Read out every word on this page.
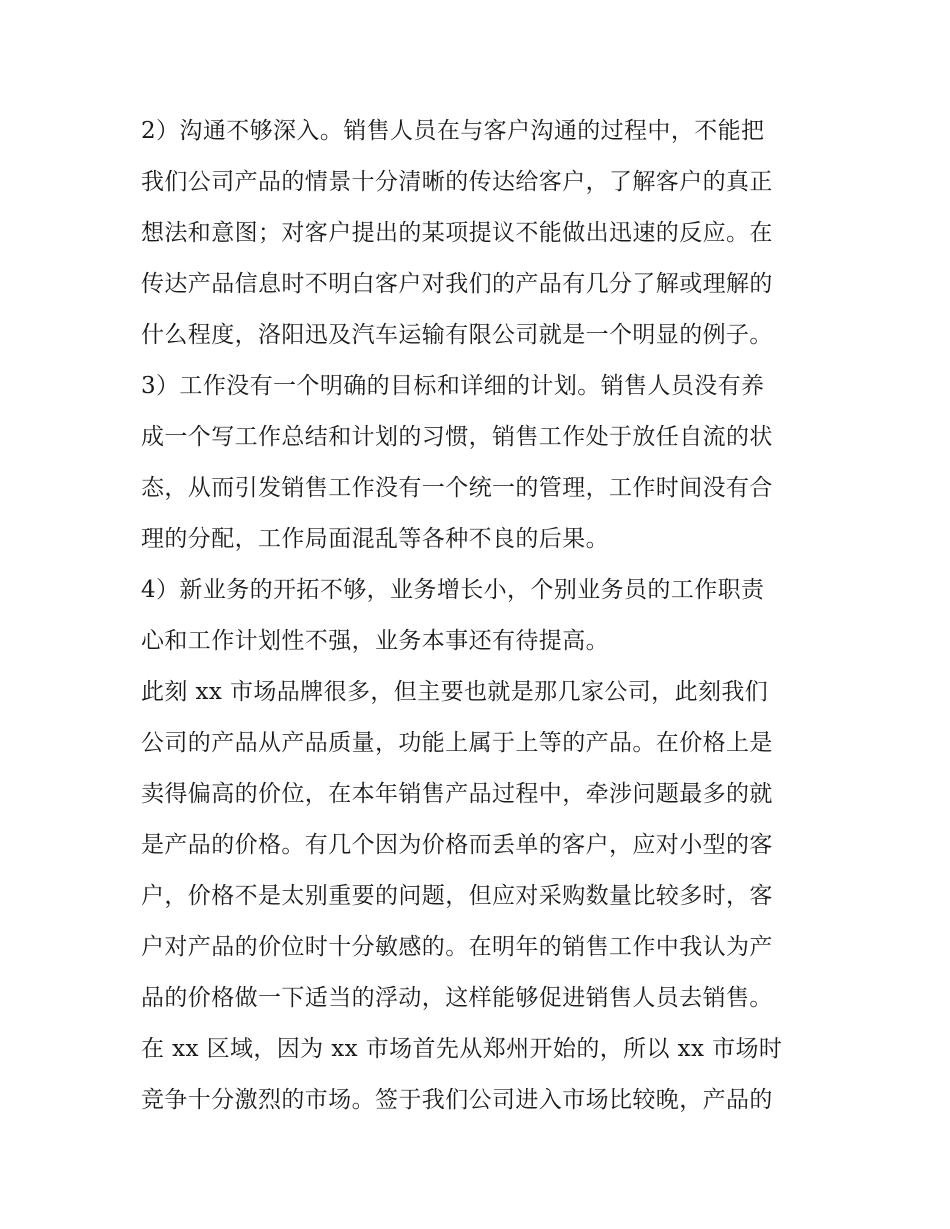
2）沟通不够深入。销售人员在与客户沟通的过程中，不能把
我们公司产品的情景十分清晰的传达给客户，了解客户的真正
想法和意图；对客户提出的某项提议不能做出迅速的反应。在
传达产品信息时不明白客户对我们的产品有几分了解或理解的
什么程度，洛阳迅及汽车运输有限公司就是一个明显的例子。
3）工作没有一个明确的目标和详细的计划。销售人员没有养
成一个写工作总结和计划的习惯，销售工作处于放任自流的状
态，从而引发销售工作没有一个统一的管理，工作时间没有合
理的分配，工作局面混乱等各种不良的后果。
4）新业务的开拓不够，业务增长小，个别业务员的工作职责
心和工作计划性不强，业务本事还有待提高。
此刻 xx 市场品牌很多，但主要也就是那几家公司，此刻我们
公司的产品从产品质量，功能上属于上等的产品。在价格上是
卖得偏高的价位，在本年销售产品过程中，牵涉问题最多的就
是产品的价格。有几个因为价格而丢单的客户，应对小型的客
户，价格不是太别重要的问题，但应对采购数量比较多时，客
户对产品的价位时十分敏感的。在明年的销售工作中我认为产
品的价格做一下适当的浮动，这样能够促进销售人员去销售。
在 xx 区域，因为 xx 市场首先从郑州开始的，所以 xx 市场时
竞争十分激烈的市场。签于我们公司进入市场比较晚，产品的
